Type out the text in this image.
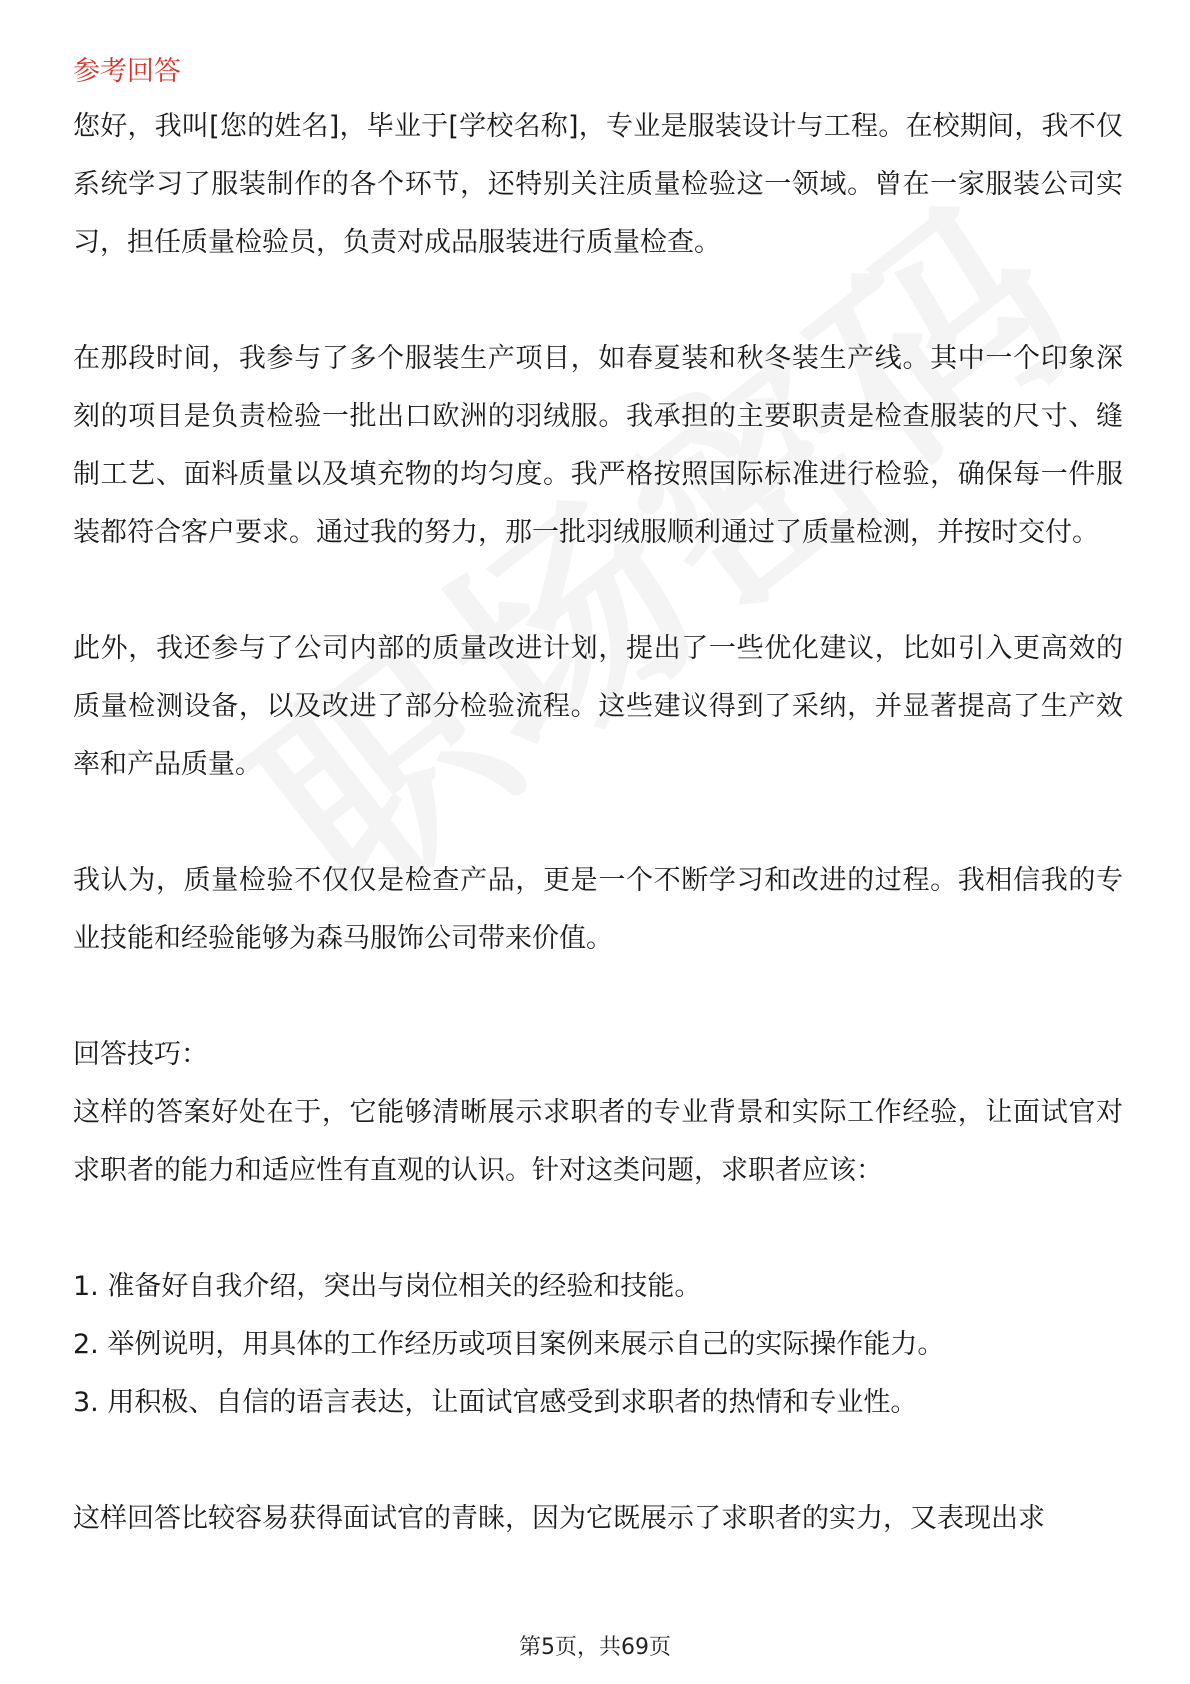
参考回答

您好，我叫[您的姓名]，毕业于[学校名称]，专业是服装设计与工程。在校期间，我不仅系统学习了服装制作的各个环节，还特别关注质量检验这一领域。曾在一家服装公司实习，担任质量检验员，负责对成品服装进行质量检查。

在那段时间，我参与了多个服装生产项目，如春夏装和秋冬装生产线。其中一个印象深刻的项目是负责检验一批出口欧洲的羽绒服。我承担的主要职责是检查服装的尺寸、缝制工艺、面料质量以及填充物的均匀度。我严格按照国际标准进行检验，确保每一件服装都符合客户要求。通过我的努力，那一批羽绒服顺利通过了质量检测，并按时交付。

此外，我还参与了公司内部的质量改进计划，提出了一些优化建议，比如引入更高效的质量检测设备，以及改进了部分检验流程。这些建议得到了采纳，并显著提高了生产效率和产品质量。

我认为，质量检验不仅仅是检查产品，更是一个不断学习和改进的过程。我相信我的专业技能和经验能够为森马服饰公司带来价值。

回答技巧：

这样的答案好处在于，它能够清晰展示求职者的专业背景和实际工作经验，让面试官对求职者的能力和适应性有直观的认识。针对这类问题，求职者应该：

1. 准备好自我介绍，突出与岗位相关的经验和技能。
2. 举例说明，用具体的工作经历或项目案例来展示自己的实际操作能力。
3. 用积极、自信的语言表达，让面试官感受到求职者的热情和专业性。

这样回答比较容易获得面试官的青睐，因为它既展示了求职者的实力，又表现出求

第5页，共69页
